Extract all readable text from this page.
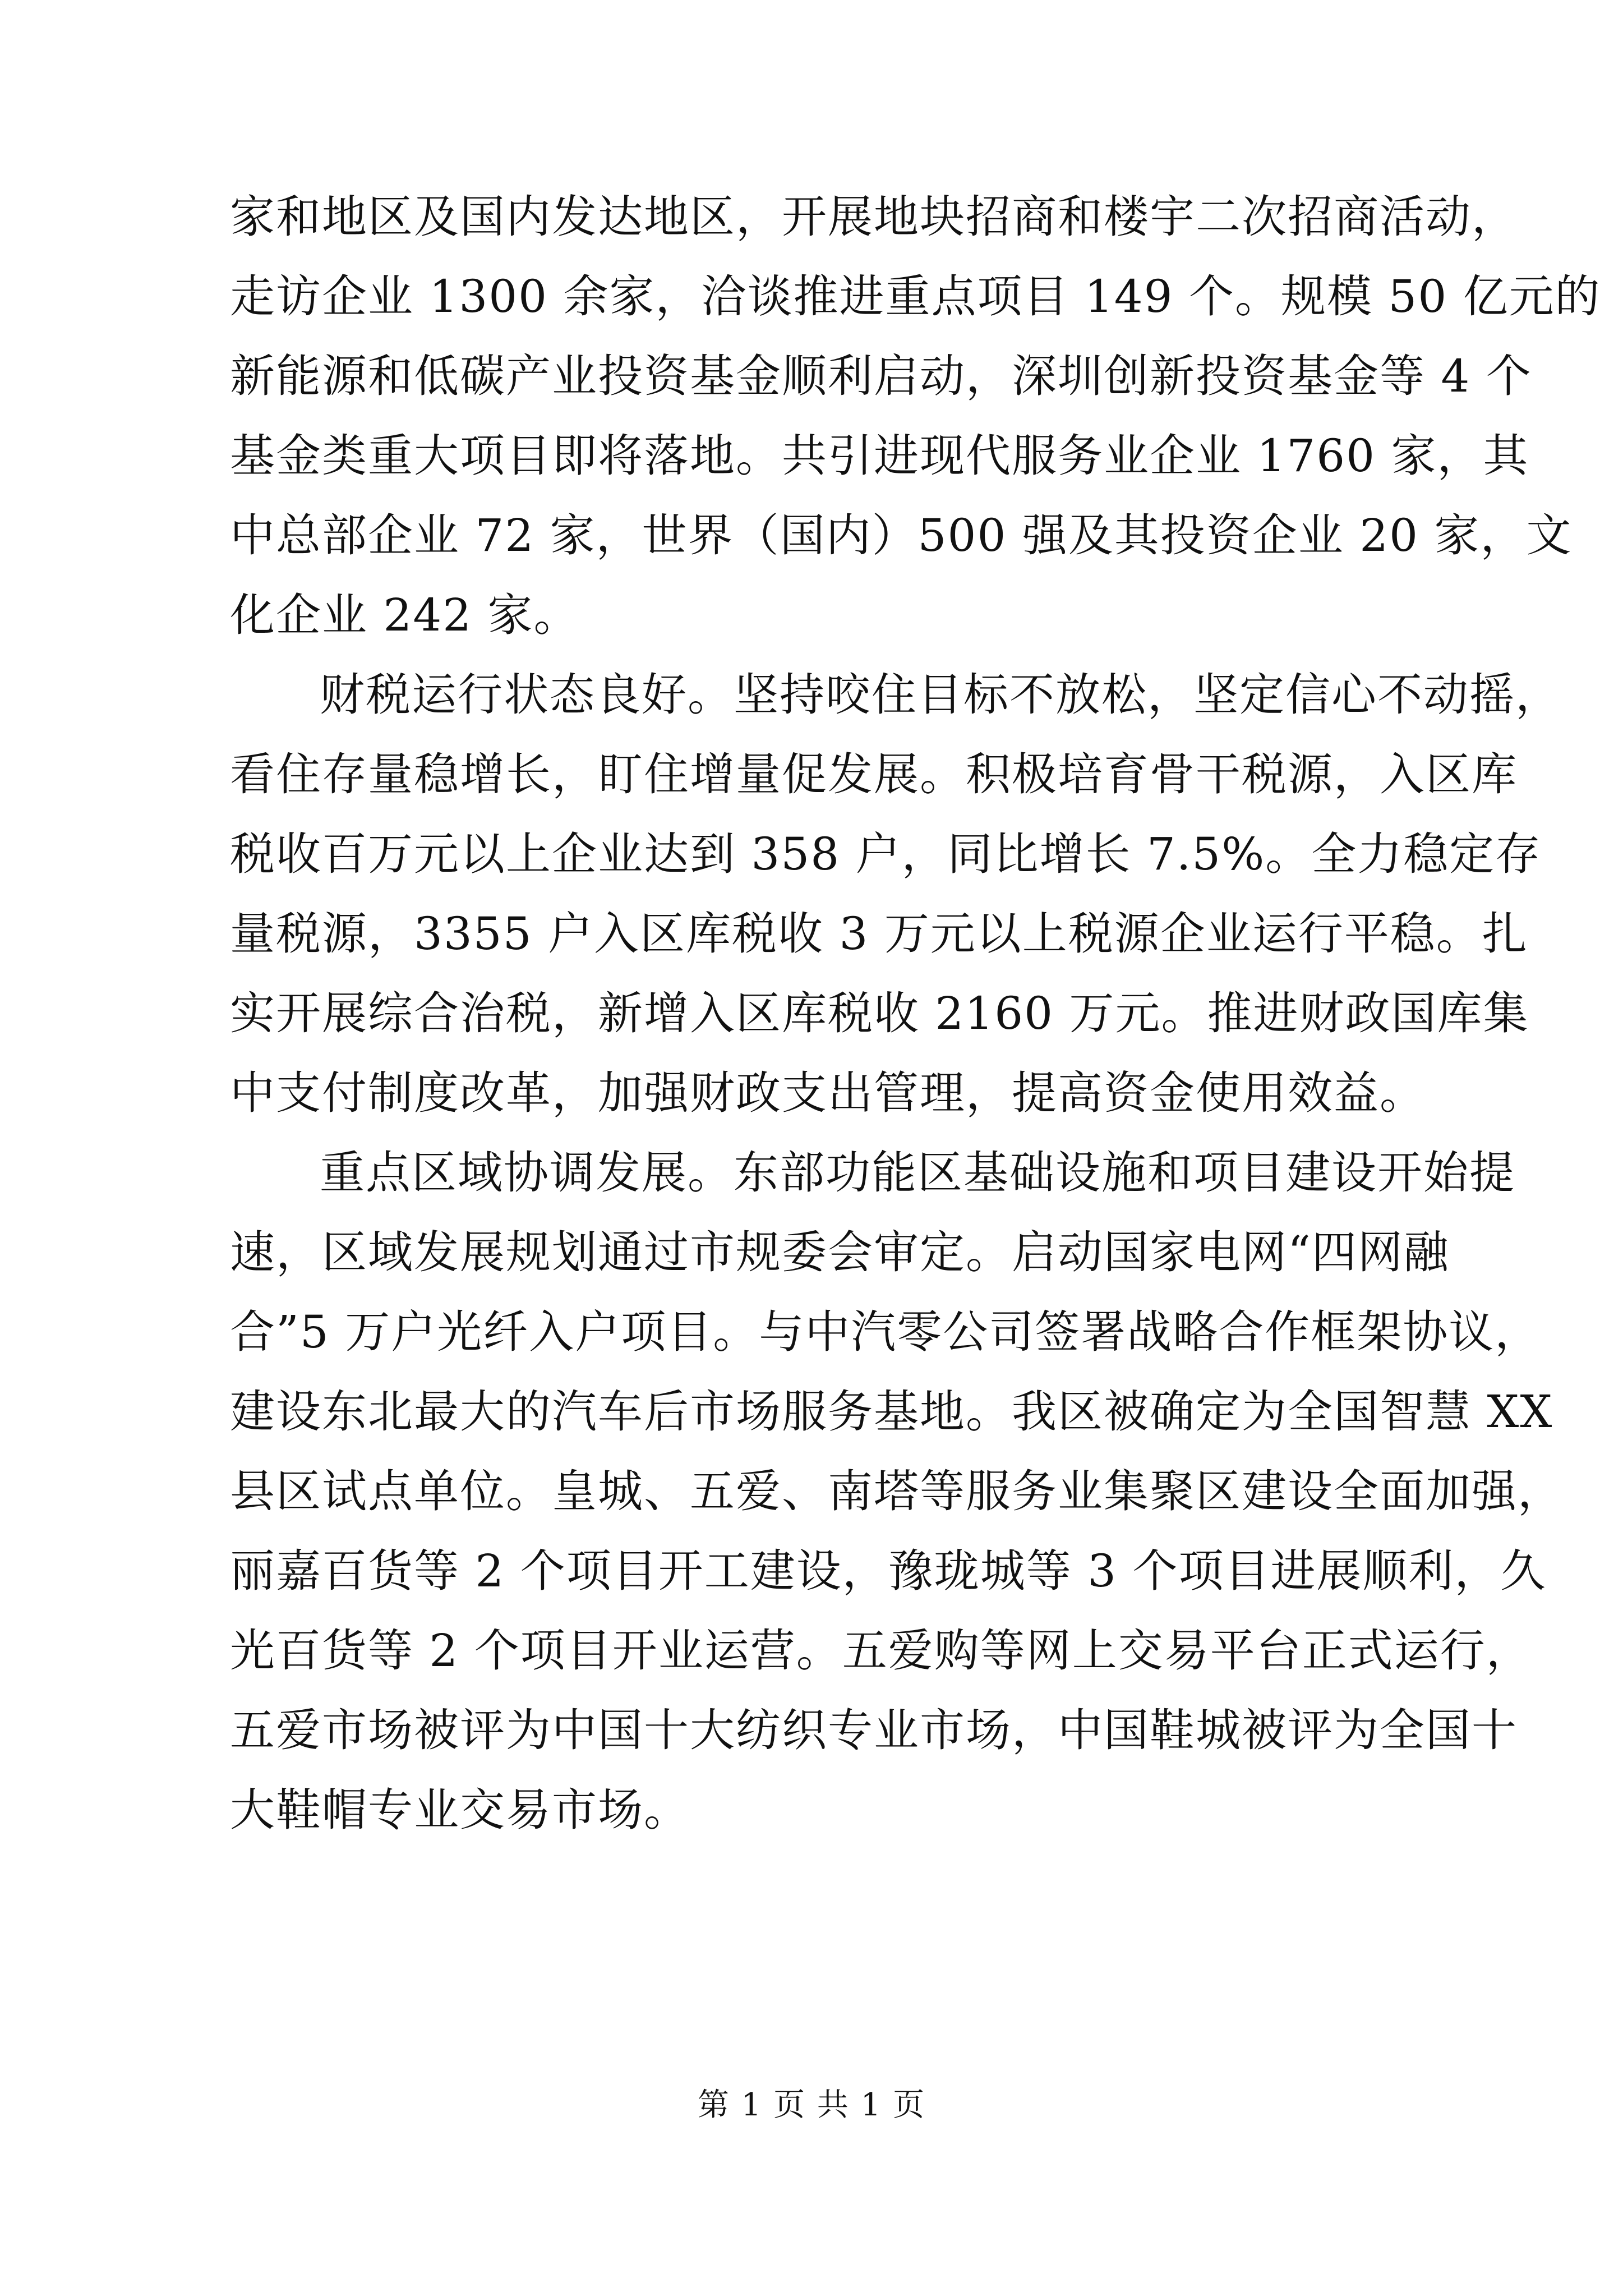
家和地区及国内发达地区，开展地块招商和楼宇二次招商活动，
走访企业 1300 余家，洽谈推进重点项目 149 个。规模 50 亿元的
新能源和低碳产业投资基金顺利启动，深圳创新投资基金等 4 个
基金类重大项目即将落地。共引进现代服务业企业 1760 家，其
中总部企业 72 家，世界（国内）500 强及其投资企业 20 家，文
化企业 242 家。
财税运行状态良好。坚持咬住目标不放松，坚定信心不动摇，
看住存量稳增长，盯住增量促发展。积极培育骨干税源，入区库
税收百万元以上企业达到 358 户，同比增长 7.5%。全力稳定存
量税源，3355 户入区库税收 3 万元以上税源企业运行平稳。扎
实开展综合治税，新增入区库税收 2160 万元。推进财政国库集
中支付制度改革，加强财政支出管理，提高资金使用效益。
重点区域协调发展。东部功能区基础设施和项目建设开始提
速，区域发展规划通过市规委会审定。启动国家电网“四网融
合”5 万户光纤入户项目。与中汽零公司签署战略合作框架协议，
建设东北最大的汽车后市场服务基地。我区被确定为全国智慧 XX
县区试点单位。皇城、五爱、南塔等服务业集聚区建设全面加强，
丽嘉百货等 2 个项目开工建设，豫珑城等 3 个项目进展顺利，久
光百货等 2 个项目开业运营。五爱购等网上交易平台正式运行，
五爱市场被评为中国十大纺织专业市场，中国鞋城被评为全国十
大鞋帽专业交易市场。
第 1 页 共 1 页
